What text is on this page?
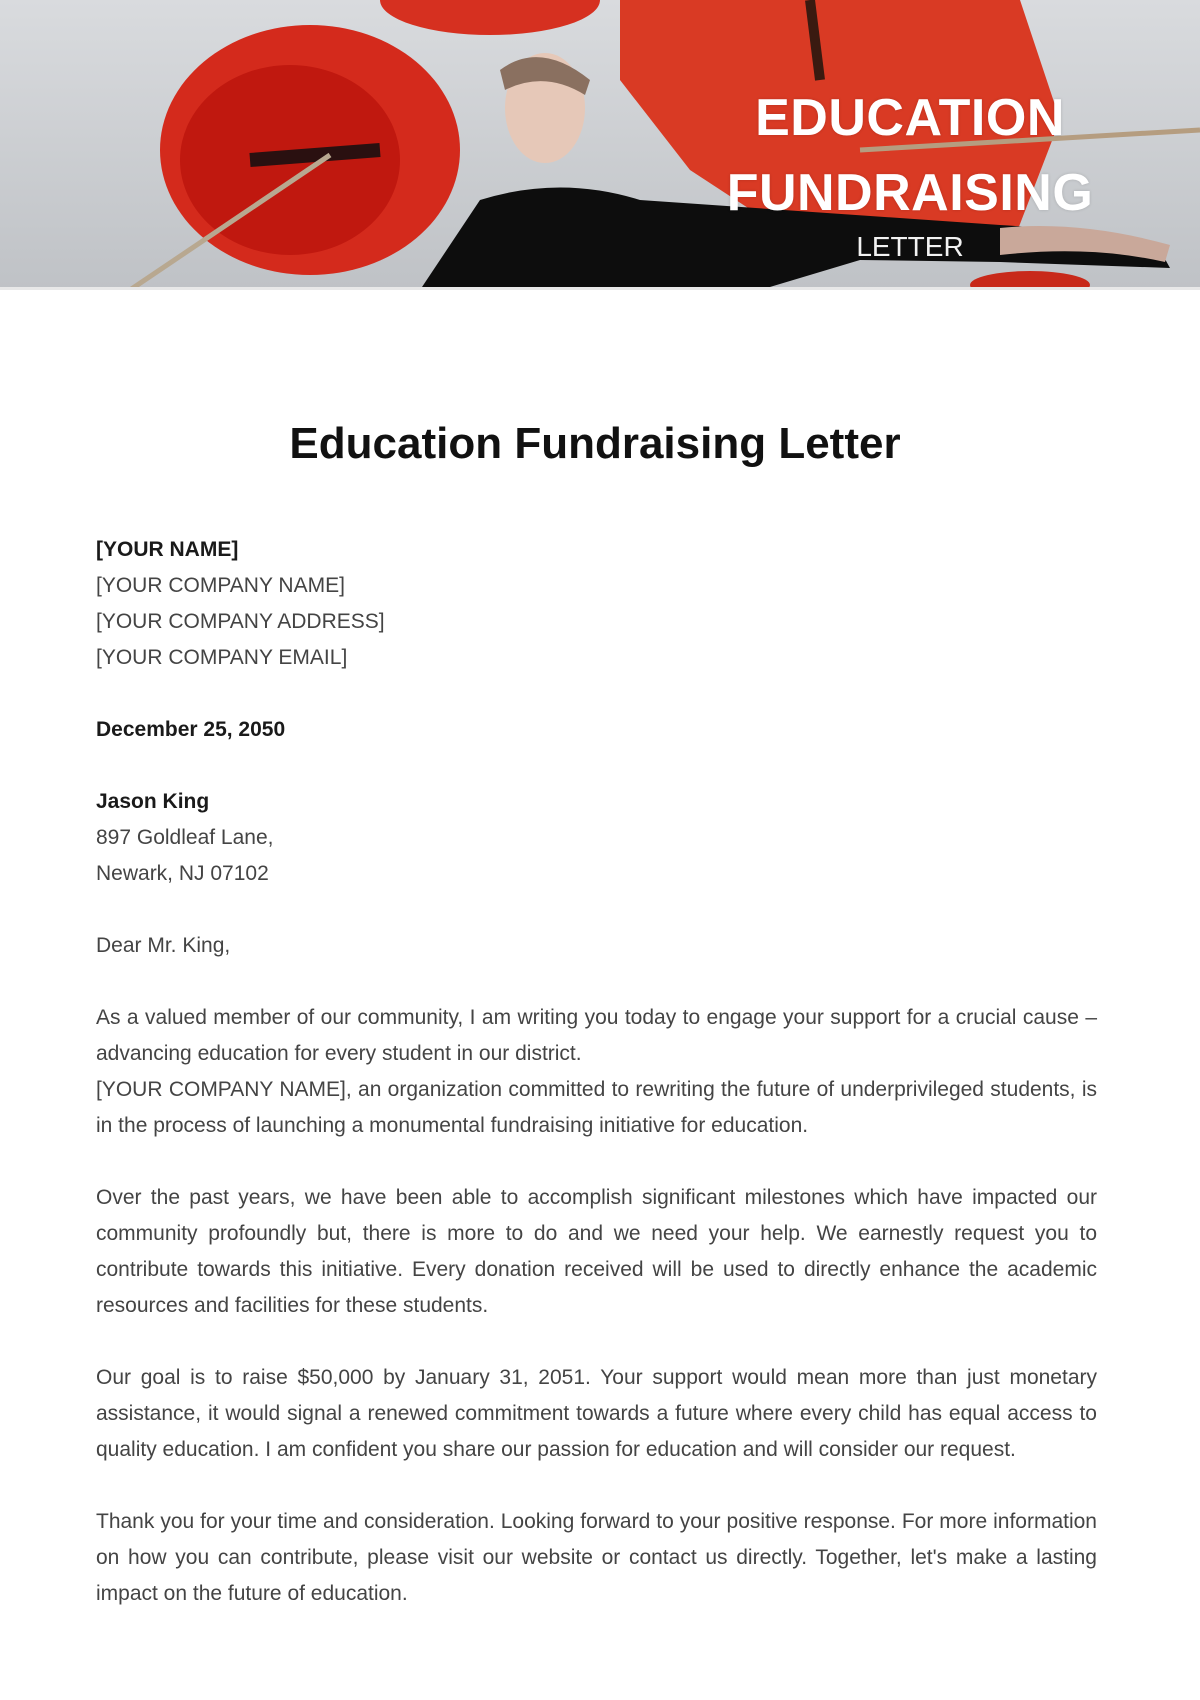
EDUCATION
FUNDRAISING
LETTER
Education Fundraising Letter

[YOUR NAME]

[YOUR COMPANY NAME]

[YOUR COMPANY ADDRESS]

[YOUR COMPANY EMAIL]

December 25, 2050

Jason King

897 Goldleaf Lane,

Newark, NJ 07102

Dear Mr. King,

As a valued member of our community, I am writing you today to engage your support for a crucial cause – advancing education for every student in our district.

[YOUR COMPANY NAME], an organization committed to rewriting the future of underprivileged students, is in the process of launching a monumental fundraising initiative for education.

Over the past years, we have been able to accomplish significant milestones which have impacted our community profoundly but, there is more to do and we need your help. We earnestly request you to contribute towards this initiative. Every donation received will be used to directly enhance the academic resources and facilities for these students.

Our goal is to raise $50,000 by January 31, 2051. Your support would mean more than just monetary assistance, it would signal a renewed commitment towards a future where every child has equal access to quality education. I am confident you share our passion for education and will consider our request.

Thank you for your time and consideration. Looking forward to your positive response. For more information on how you can contribute, please visit our website or contact us directly. Together, let's make a lasting impact on the future of education.
